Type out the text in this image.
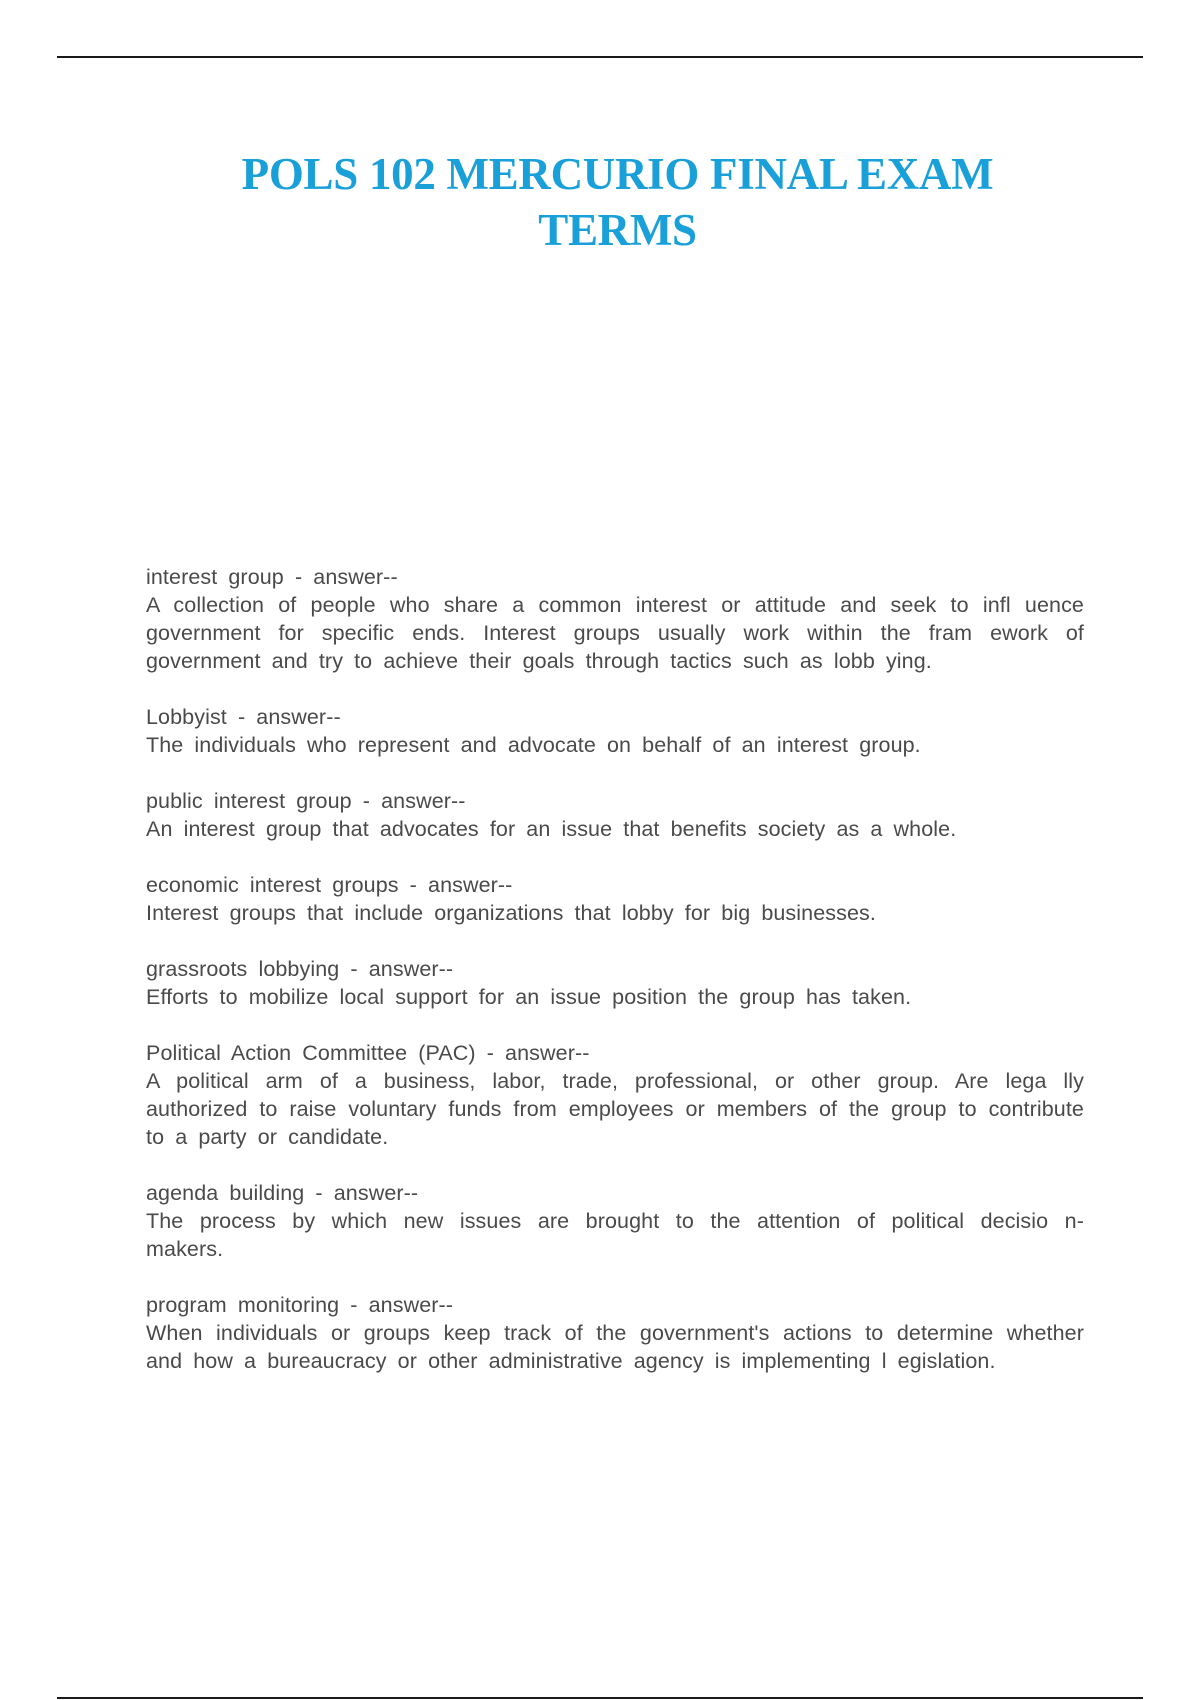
POLS 102 MERCURIO FINAL EXAM
TERMS
interest group - answer--
A collection of people who share a common interest or attitude and seek to infl uence government for specific ends. Interest groups usually work within the fram ework of government and try to achieve their goals through tactics such as lobb ying.
Lobbyist - answer--
The individuals who represent and advocate on behalf of an interest group.
public interest group - answer--
An interest group that advocates for an issue that benefits society as a whole.
economic interest groups - answer--
Interest groups that include organizations that lobby for big businesses.
grassroots lobbying - answer--
Efforts to mobilize local support for an issue position the group has taken.
Political Action Committee (PAC) - answer--
A political arm of a business, labor, trade, professional, or other group. Are lega lly authorized to raise voluntary funds from employees or members of the group to contribute to a party or candidate.
agenda building - answer--
The process by which new issues are brought to the attention of political decisio n-makers.
program monitoring - answer--
When individuals or groups keep track of the government's actions to determine whether and how a bureaucracy or other administrative agency is implementing l egislation.
